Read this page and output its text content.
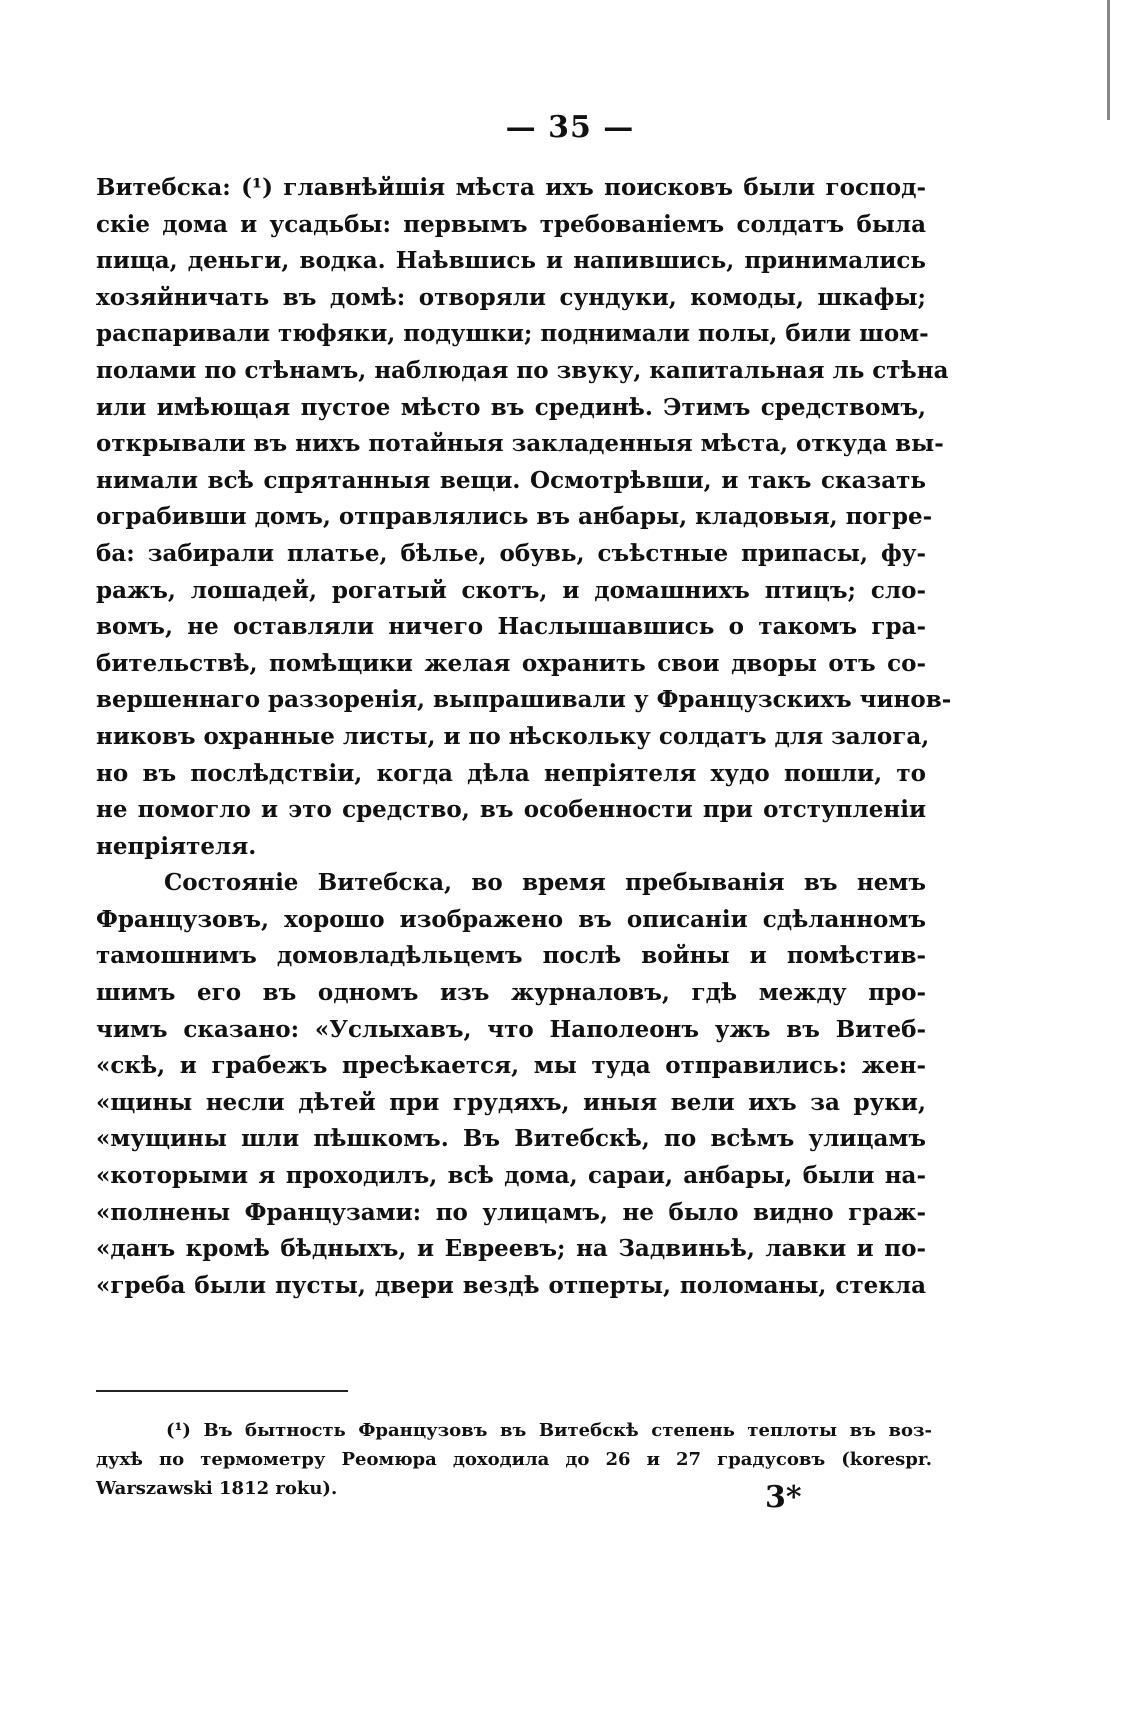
— 35 —
Витебска: (¹) главнѣйшія мѣста ихъ поисковъ были господ-
скіе дома и усадьбы: первымъ требованіемъ солдатъ была
пища, деньги, водка. Наѣвшись и напившись, принимались
хозяйничать въ домѣ: отворяли сундуки, комоды, шкафы;
распаривали тюфяки, подушки; поднимали полы, били шом-
полами по стѣнамъ, наблюдая по звуку, капитальная ль стѣна
или имѣющая пустое мѣсто въ срединѣ. Этимъ средствомъ,
открывали въ нихъ потайныя закладенныя мѣста, откуда вы-
нимали всѣ спрятанныя вещи. Осмотрѣвши, и такъ сказать
ограбивши домъ, отправлялись въ анбары, кладовыя, погре-
ба: забирали платье, бѣлье, обувь, съѣстные припасы, фу-
ражъ, лошадей, рогатый скотъ, и домашнихъ птицъ; сло-
вомъ, не оставляли ничего Наслышавшись о такомъ гра-
бительствѣ, помѣщики желая охранить свои дворы отъ со-
вершеннаго раззоренія, выпрашивали у Французскихъ чинов-
никовъ охранные листы, и по нѣскольку солдатъ для залога,
но въ послѣдствіи, когда дѣла непріятеля худо пошли, то
не помогло и это средство, въ особенности при отступленіи
непріятеля.
Состояніе Витебска, во время пребыванія въ немъ
Французовъ, хорошо изображено въ описаніи сдѣланномъ
тамошнимъ домовладѣльцемъ послѣ войны и помѣстив-
шимъ его въ одномъ изъ журналовъ, гдѣ между про-
чимъ сказано: «Услыхавъ, что Наполеонъ ужъ въ Витеб-
«скѣ, и грабежъ пресѣкается, мы туда отправились: жен-
«щины несли дѣтей при грудяхъ, иныя вели ихъ за руки,
«мущины шли пѣшкомъ. Въ Витебскѣ, по всѣмъ улицамъ
«которыми я проходилъ, всѣ дома, сараи, анбары, были на-
«полнены Французами: по улицамъ, не было видно граж-
«данъ кромѣ бѣдныхъ, и Евреевъ; на Задвиньѣ, лавки и по-
«греба были пусты, двери вездѣ отперты, поломаны, стекла
(¹) Въ бытность Французовъ въ Витебскѣ степень теплоты въ воз-
духѣ по термометру Реомюра доходила до 26 и 27 градусовъ (korespr.
Warszawski 1812 roku).	3*
